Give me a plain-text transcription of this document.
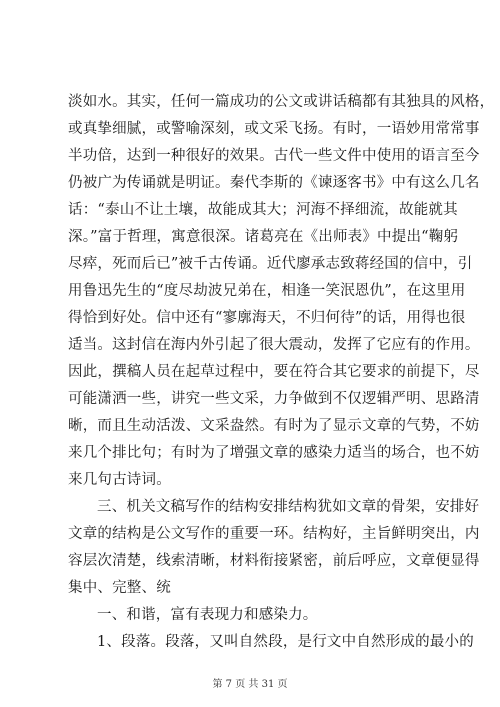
淡如水。其实，任何一篇成功的公文或讲话稿都有其独具的风格，
或真挚细腻，或警喻深刻，或文采飞扬。有时，一语妙用常常事
半功倍，达到一种很好的效果。古代一些文件中使用的语言至今
仍被广为传诵就是明证。秦代李斯的《谏逐客书》中有这么几名
话：“泰山不让土壤，故能成其大；河海不择细流，故能就其
深。”富于哲理，寓意很深。诸葛亮在《出师表》中提出“鞠躬
尽瘁，死而后已”被千古传诵。近代廖承志致蒋经国的信中，引
用鲁迅先生的“度尽劫波兄弟在，相逢一笑泯恩仇”，在这里用
得恰到好处。信中还有“寥廓海天，不归何待”的话，用得也很
适当。这封信在海内外引起了很大震动，发挥了它应有的作用。
因此，撰稿人员在起草过程中，要在符合其它要求的前提下，尽
可能潇洒一些，讲究一些文采，力争做到不仅逻辑严明、思路清
晰，而且生动活泼、文采盎然。有时为了显示文章的气势，不妨
来几个排比句；有时为了增强文章的感染力适当的场合，也不妨
来几句古诗词。
三、机关文稿写作的结构安排结构犹如文章的骨架，安排好
文章的结构是公文写作的重要一环。结构好，主旨鲜明突出，内
容层次清楚，线索清晰，材料衔接紧密，前后呼应，文章便显得
集中、完整、统
一、和谐，富有表现力和感染力。
1、段落。段落，又叫自然段，是行文中自然形成的最小的
第 7 页 共 31 页
